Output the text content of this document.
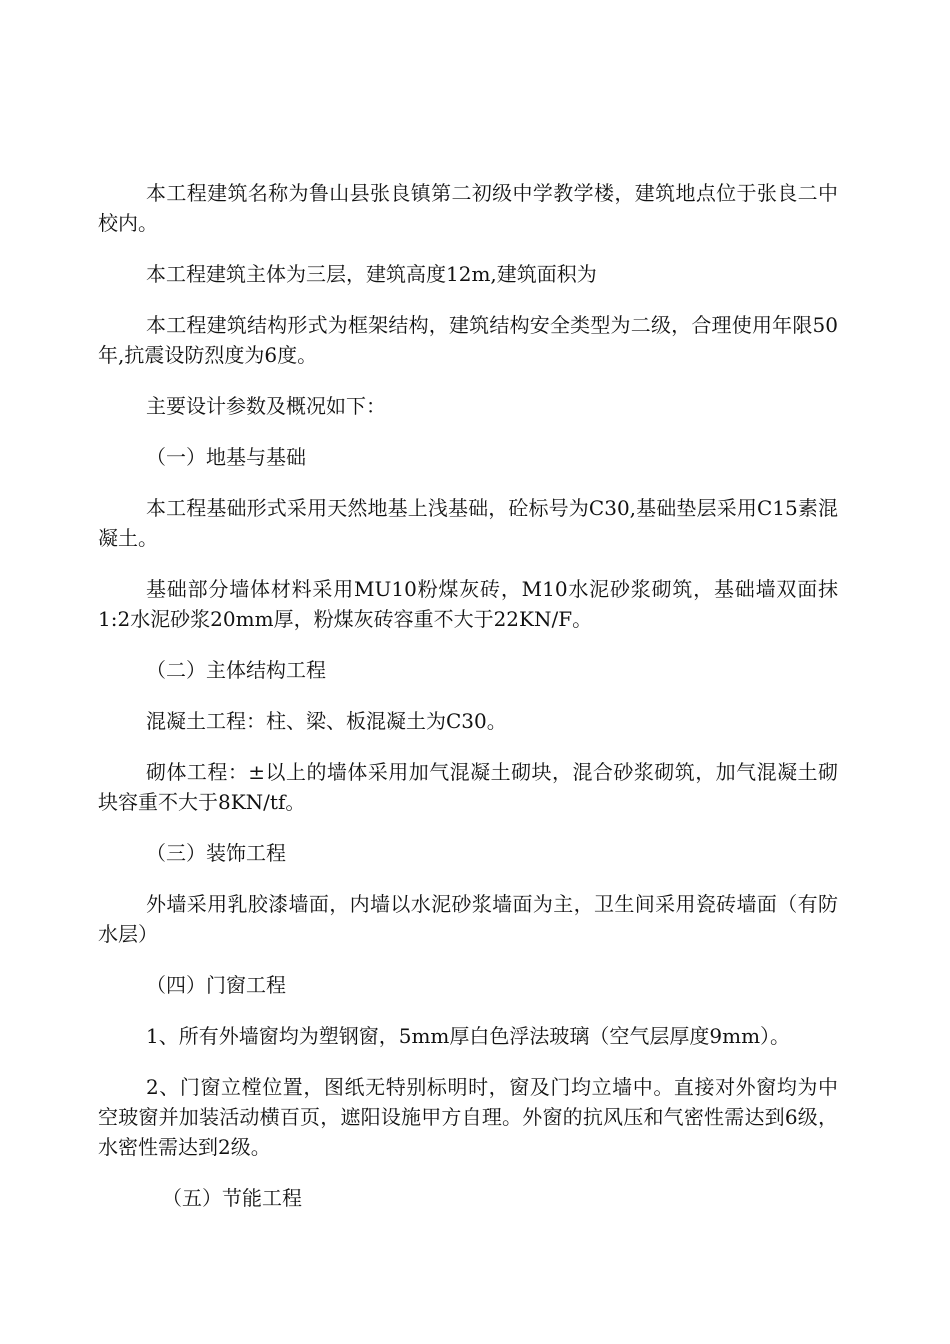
本工程建筑名称为鲁山县张良镇第二初级中学教学楼，建筑地点位于张良二中校内。

本工程建筑主体为三层，建筑高度12m,建筑面积为

本工程建筑结构形式为框架结构，建筑结构安全类型为二级，合理使用年限50年,抗震设防烈度为6度。

主要设计参数及概况如下：

（一）地基与基础

本工程基础形式采用天然地基上浅基础，砼标号为C30,基础垫层采用C15素混凝土。

基础部分墙体材料采用MU10粉煤灰砖，M10水泥砂浆砌筑，基础墙双面抹1:2水泥砂浆20mm厚，粉煤灰砖容重不大于22KN/F。

（二）主体结构工程

混凝土工程：柱、梁、板混凝土为C30。

砌体工程：±以上的墙体采用加气混凝土砌块，混合砂浆砌筑，加气混凝土砌块容重不大于8KN/tf。

（三）装饰工程

外墙采用乳胶漆墙面，内墙以水泥砂浆墙面为主，卫生间采用瓷砖墙面（有防水层）

（四）门窗工程

1、所有外墙窗均为塑钢窗，5mm厚白色浮法玻璃（空气层厚度9mm）。

2、门窗立樘位置，图纸无特别标明时，窗及门均立墙中。直接对外窗均为中空玻窗并加装活动横百页，遮阳设施甲方自理。外窗的抗风压和气密性需达到6级，水密性需达到2级。

（五）节能工程
